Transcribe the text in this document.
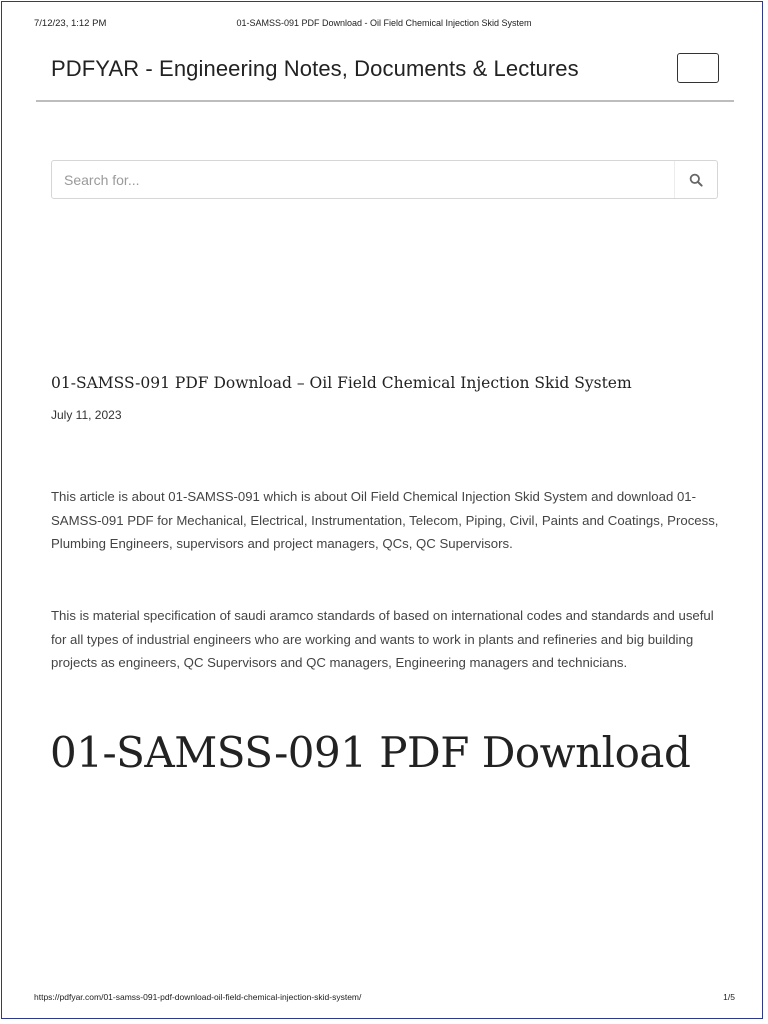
7/12/23, 1:12 PM	01-SAMSS-091 PDF Download - Oil Field Chemical Injection Skid System
PDFYAR - Engineering Notes, Documents & Lectures
Search for...
01-SAMSS-091 PDF Download – Oil Field Chemical Injection Skid System
July 11, 2023

This article is about 01-SAMSS-091 which is about Oil Field Chemical Injection Skid System and download 01-SAMSS-091 PDF for Mechanical, Electrical, Instrumentation, Telecom, Piping, Civil, Paints and Coatings, Process, Plumbing Engineers, supervisors and project managers, QCs, QC Supervisors.

This is material specification of saudi aramco standards of based on international codes and standards and useful for all types of industrial engineers who are working and wants to work in plants and refineries and big building projects as engineers, QC Supervisors and QC managers, Engineering managers and technicians.

01-SAMSS-091 PDF Download
https://pdfyar.com/01-samss-091-pdf-download-oil-field-chemical-injection-skid-system/	1/5
